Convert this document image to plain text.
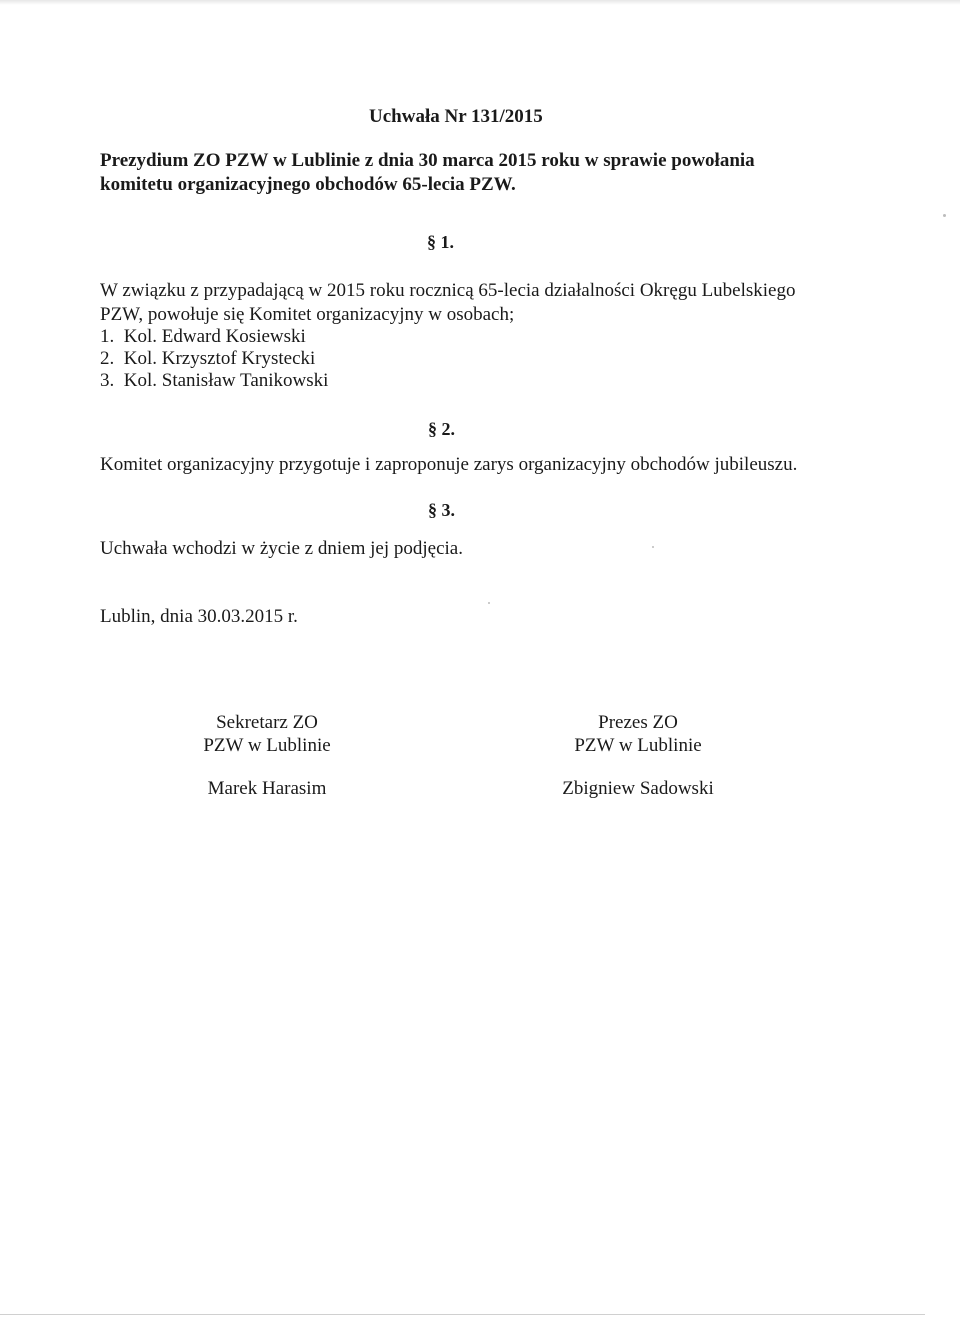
Uchwała Nr 131/2015
Prezydium ZO PZW w Lublinie z dnia 30 marca 2015 roku w sprawie powołania
komitetu organizacyjnego obchodów 65-lecia PZW.
§ 1.
W związku z przypadającą w 2015 roku rocznicą 65-lecia działalności Okręgu Lubelskiego
PZW, powołuje się Komitet organizacyjny w osobach;
1.  Kol. Edward Kosiewski
2.  Kol. Krzysztof Krystecki
3.  Kol. Stanisław Tanikowski
§ 2.
Komitet organizacyjny przygotuje i zaproponuje zarys organizacyjny obchodów jubileuszu.
§ 3.
Uchwała wchodzi w życie z dniem jej podjęcia.
Lublin, dnia 30.03.2015 r.
Sekretarz ZO
PZW w Lublinie
Marek Harasim
Prezes ZO
PZW w Lublinie
Zbigniew Sadowski
